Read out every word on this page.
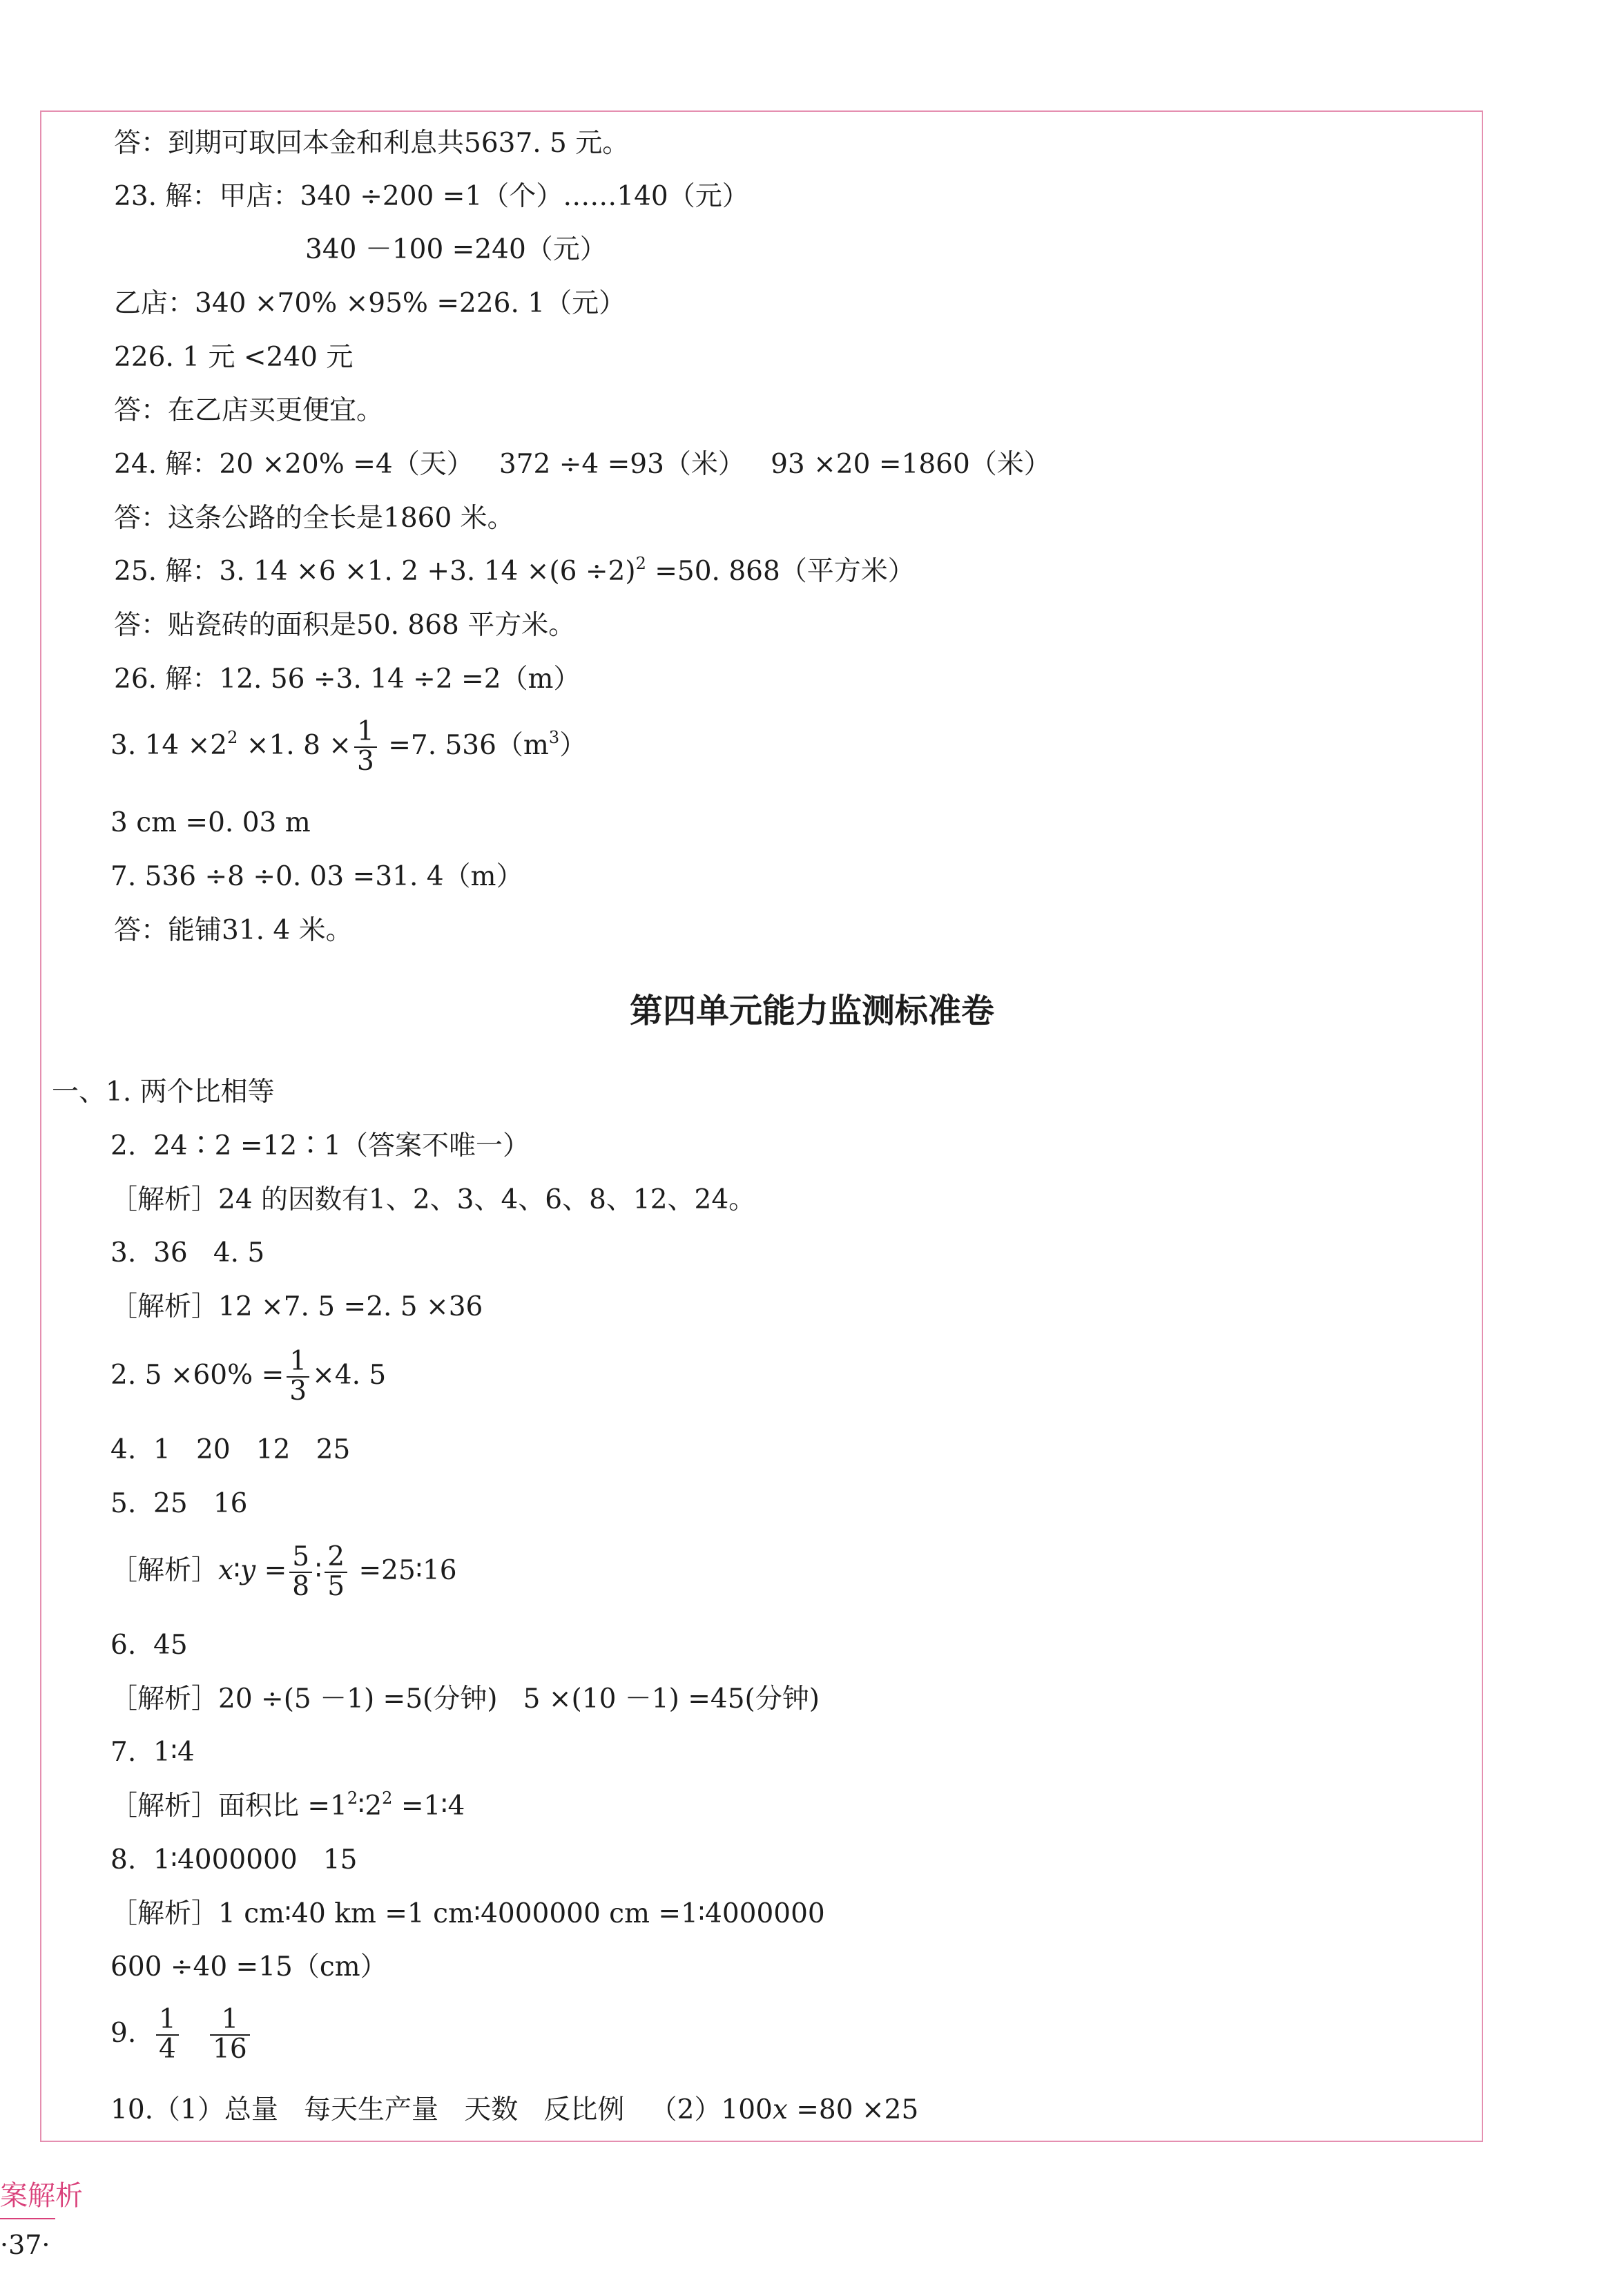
答：到期可取回本金和利息共5637. 5 元。
23. 解：甲店：340 ÷200 =1（个）……140（元）
340 －100 =240（元）
乙店：340 ×70% ×95% =226. 1（元）
226. 1 元 <240 元
答：在乙店买更便宜。
24. 解：20 ×20% =4（天）   372 ÷4 =93（米）   93 ×20 =1860（米）
答：这条公路的全长是1860 米。
25. 解：3. 14 ×6 ×1. 2 +3. $14 \times(6 \div 2)^2 =50$. 868（平方米）
答：贴瓷砖的面积是50. 868 平方米。
26. 解：12. 56 ÷3. 14 ÷2 =2（m）
3. $14 \times 2^2 \times 1$. $8 \times \frac{1}{3} =7$. $536(m^3)$
3 cm =0. 03 m
7. 536 ÷8 ÷0. 03 =31. 4（m）
答：能铺31. 4 米。
第四单元能力监测标准卷
一、1. 两个比相等
2.  24∶2 =12∶1（答案不唯一）
［解析］24 的因数有1、2、3、4、6、8、12、24。
3.  36   4. 5
［解析］12 ×7. 5 =2. 5 ×36
2. $5 \times 60\% = \frac{1}{3} \times 4$. 5
4.  1   20   12   25
5.  25   16
［解析］x∶y = $\frac{5}{8}$ ∶ $\frac{2}{5}$ =25∶16
6.  45
［解析］20 ÷(5 －1) =5(分钟)   5 ×(10 －1) =45(分钟)
7.  1∶4
［解析］面积比 $=1^2∶2^2$ =1∶4
8.  1∶4000000   15
［解析］1 cm∶40 km =1 cm∶4000000 cm =1∶4000000
600 ÷40 =15（cm）
9. $\frac{1}{4}$
$\frac{1}{16}$
10.（1）总量   每天生产量   天数   反比例   （2）100x =80 ×25
案解析
·37·
